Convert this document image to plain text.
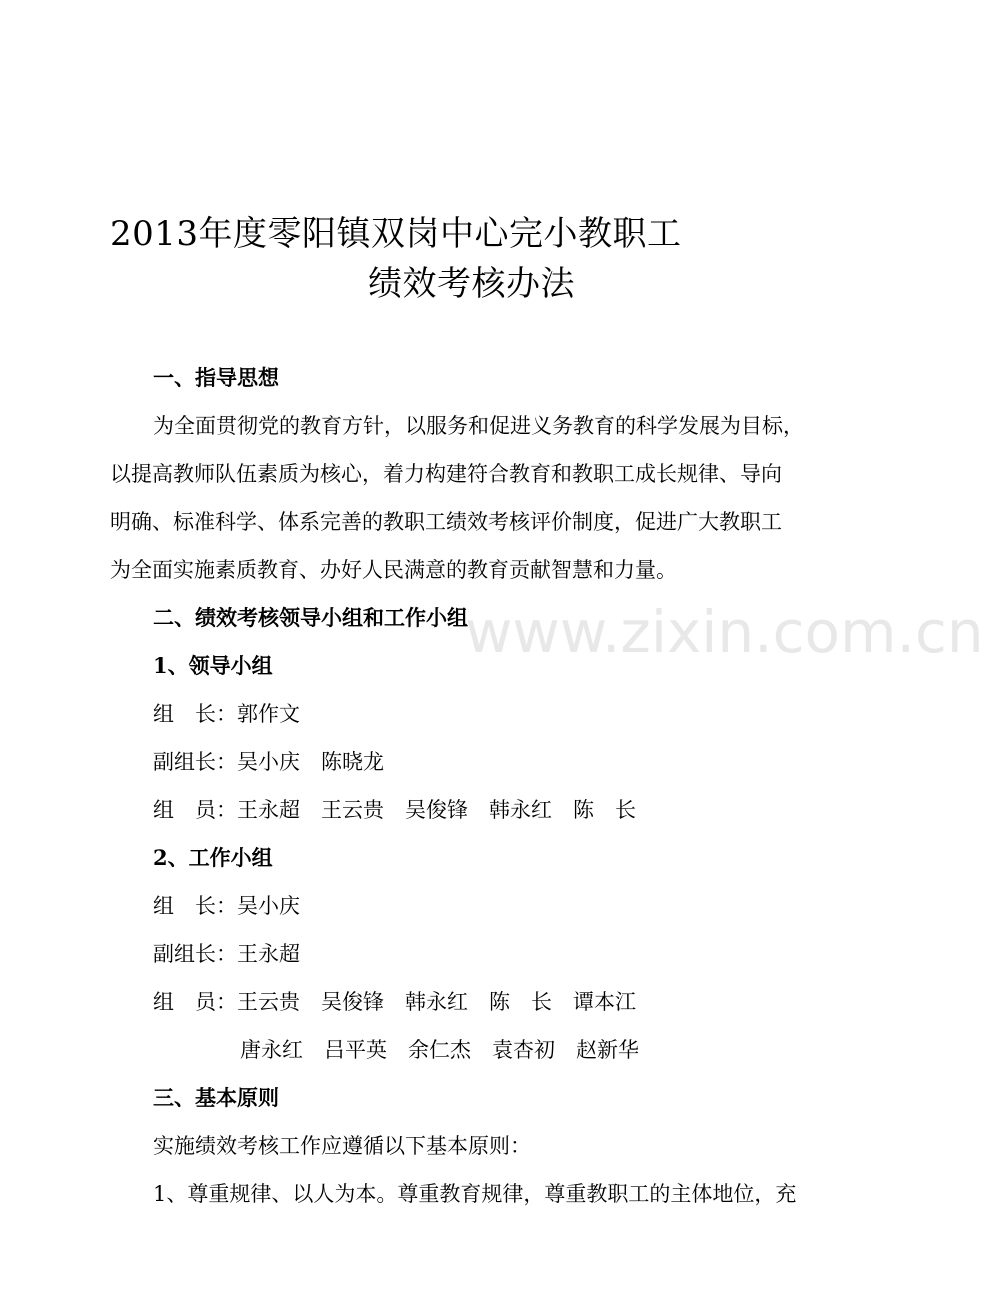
2013年度零阳镇双岗中心完小教职工
绩效考核办法
一、指导思想
为全面贯彻党的教育方针，以服务和促进义务教育的科学发展为目标，
以提高教师队伍素质为核心，着力构建符合教育和教职工成长规律、导向
明确、标准科学、体系完善的教职工绩效考核评价制度，促进广大教职工
为全面实施素质教育、办好人民满意的教育贡献智慧和力量。
二、绩效考核领导小组和工作小组
1、领导小组
组　长：郭作文
副组长：吴小庆　陈晓龙
组　员：王永超　王云贵　吴俊锋　韩永红　陈　长
2、工作小组
组　长：吴小庆
副组长：王永超
组　员：王云贵　吴俊锋　韩永红　陈　长　谭本江
唐永红　吕平英　余仁杰　袁杏初　赵新华
三、基本原则
实施绩效考核工作应遵循以下基本原则：
1、尊重规律、以人为本。尊重教育规律，尊重教职工的主体地位，充
www.zixin.com.cn
